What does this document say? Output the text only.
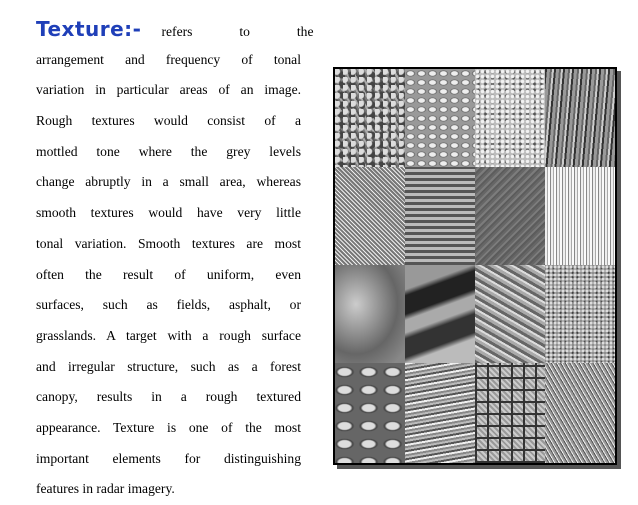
Texture:- refers to the
arrangement and frequency of tonal
variation in particular areas of an image.
Rough textures would consist of a
mottled tone where the grey levels
change abruptly in a small area, whereas
smooth textures would have very little
tonal variation. Smooth textures are most
often the result of uniform, even
surfaces, such as fields, asphalt, or
grasslands. A target with a rough surface
and irregular structure, such as a forest
canopy, results in a rough textured
appearance. Texture is one of the most
important elements for distinguishing
features in radar imagery.
